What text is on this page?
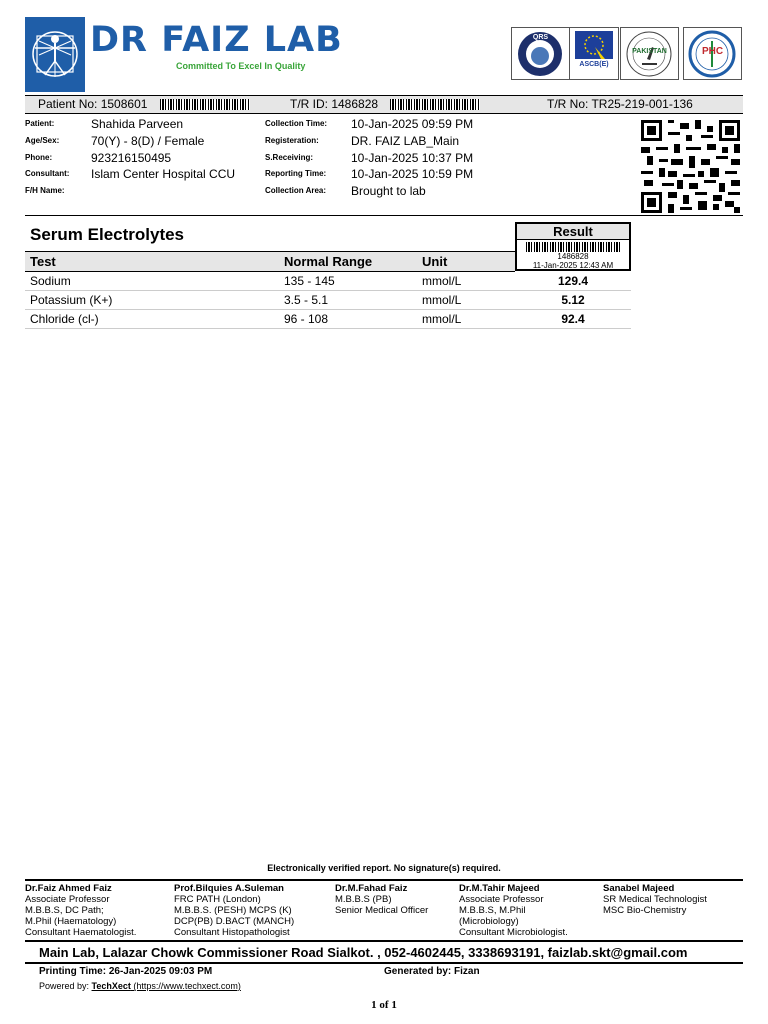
DR FAIZ LAB
Committed To Excel In Quality
QRS
ASCB(E)
PAKISTAN	PHC
Patient No: 1508601	T/R ID: 1486828	T/R No: TR25-219-001-136
Patient:	Shahida Parveen
Age/Sex:	70(Y) - 8(D) / Female
Phone:	923216150495
Consultant: Islam Center Hospital CCU
F/H Name:
Collection Time: 10-Jan-2025 09:59 PM
Registeration:	DR. FAIZ LAB_Main
S.Receiving:	10-Jan-2025 10:37 PM
Reporting Time: 10-Jan-2025 10:59 PM
Collection Area: Brought to lab
Serum Electrolytes
Test	Normal Range	Unit
Result
1486828
11-Jan-2025 12:43 AM
Sodium	135 - 145	mmol/L	129.4
Potassium (K+)	3.5 - 5.1	mmol/L	5.12
Chloride (cl-)	96 - 108	mmol/L	92.4
Electronically verified report. No signature(s) required.
Dr.Faiz Ahmed Faiz
Associate Professor
M.B.B.S, DC Path;
M.Phil (Haematology)
Consultant Haematologist.
Prof.Bilquies A.Suleman
FRC PATH (London)
M.B.B.S. (PESH) MCPS (K)
DCP(PB) D.BACT (MANCH)
Consultant Histopathologist
Dr.M.Fahad Faiz
M.B.B.S (PB)
Senior Medical Officer
Dr.M.Tahir Majeed
Associate Professor
M.B.B.S, M.Phil
(Microbiology)
Consultant Microbiologist.
Sanabel Majeed
SR Medical Technologist
MSC Bio-Chemistry
Main Lab, Lalazar Chowk Commissioner Road Sialkot. , 052-4602445, 3338693191, faizlab.skt@gmail.com
Printing Time: 26-Jan-2025 09:03 PM	Generated by: Fizan
Powered by: TechXect (https://www.techxect.com)
1 of 1
